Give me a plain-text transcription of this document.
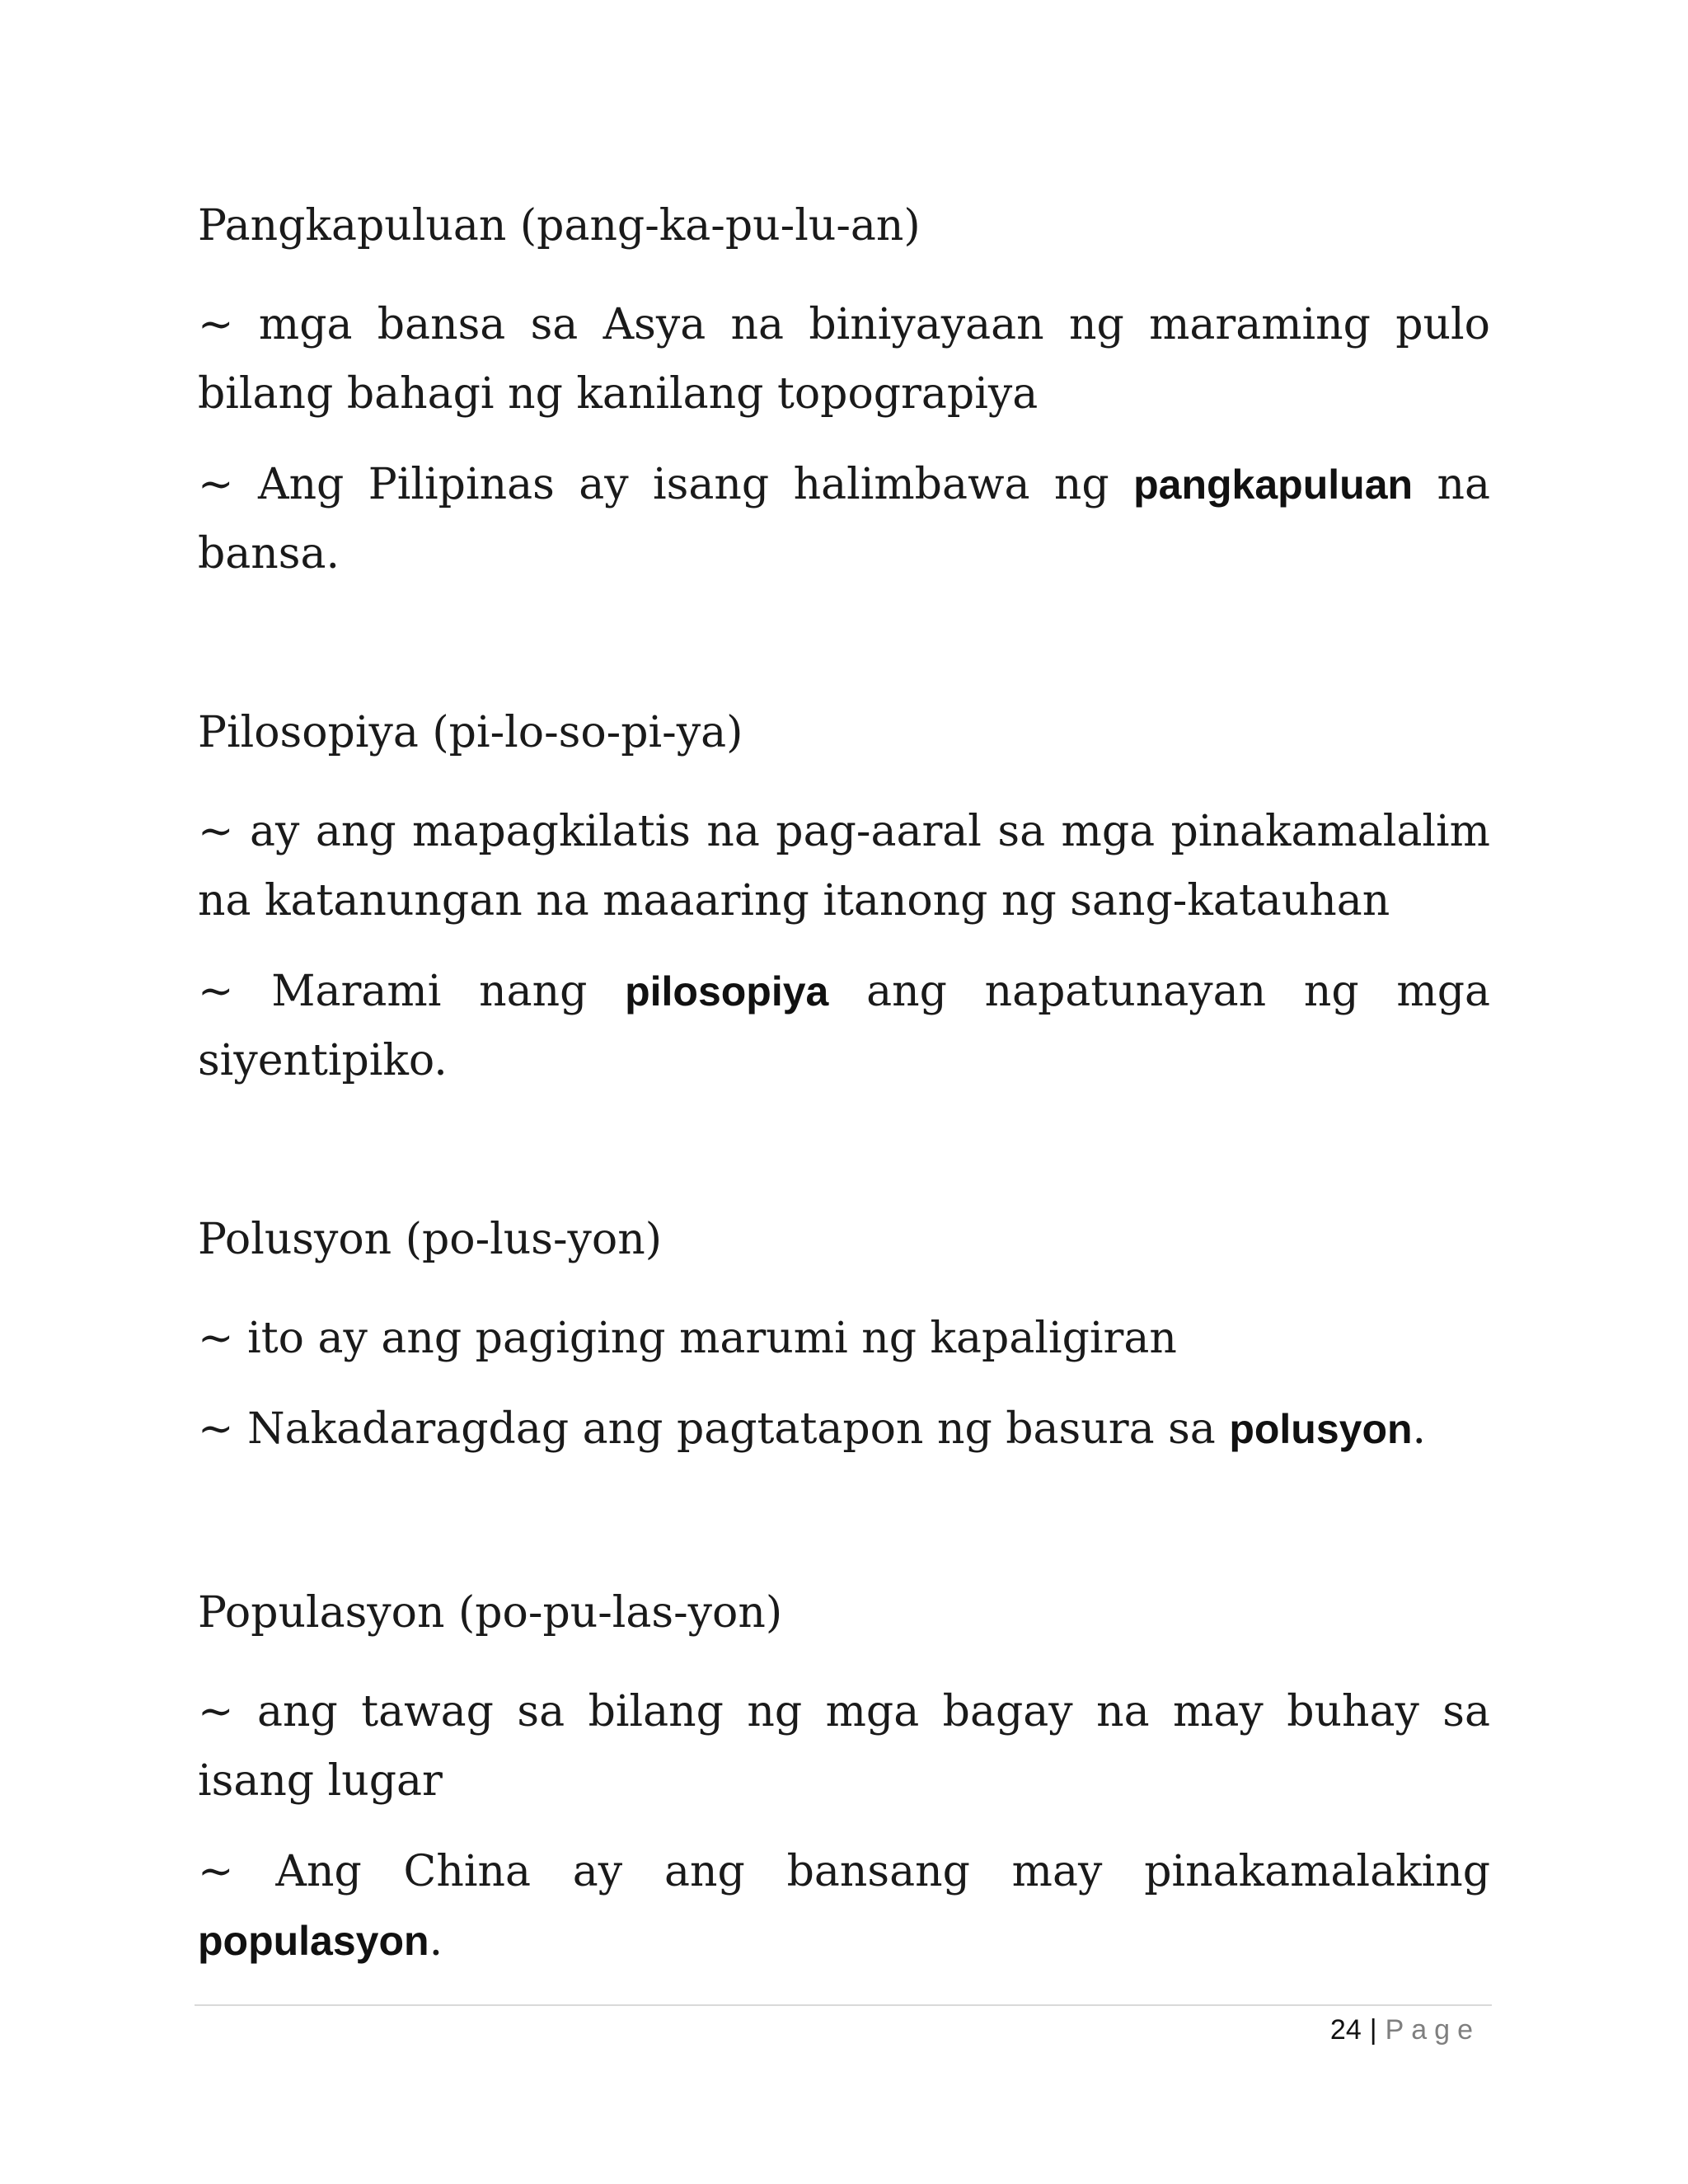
Pangkapuluan (pang-ka-pu-lu-an)

~ mga bansa sa Asya na biniyayaan ng maraming pulo bilang bahagi ng kanilang topograpiya

~ Ang Pilipinas ay isang halimbawa ng pangkapuluan na bansa.

Pilosopiya (pi-lo-so-pi-ya)

~ ay ang mapagkilatis na pag-aaral sa mga pinakamalalim na katanungan na maaaring itanong ng sang-katauhan

~ Marami nang pilosopiya ang napatunayan ng mga siyentipiko.

Polusyon (po-lus-yon)

~ ito ay ang pagiging marumi ng kapaligiran

~ Nakadaragdag ang pagtatapon ng basura sa polusyon.

Populasyon (po-pu-las-yon)

~ ang tawag sa bilang ng mga bagay na may buhay sa isang lugar

~ Ang China ay ang bansang may pinakamalaking populasyon.

24 | Page
